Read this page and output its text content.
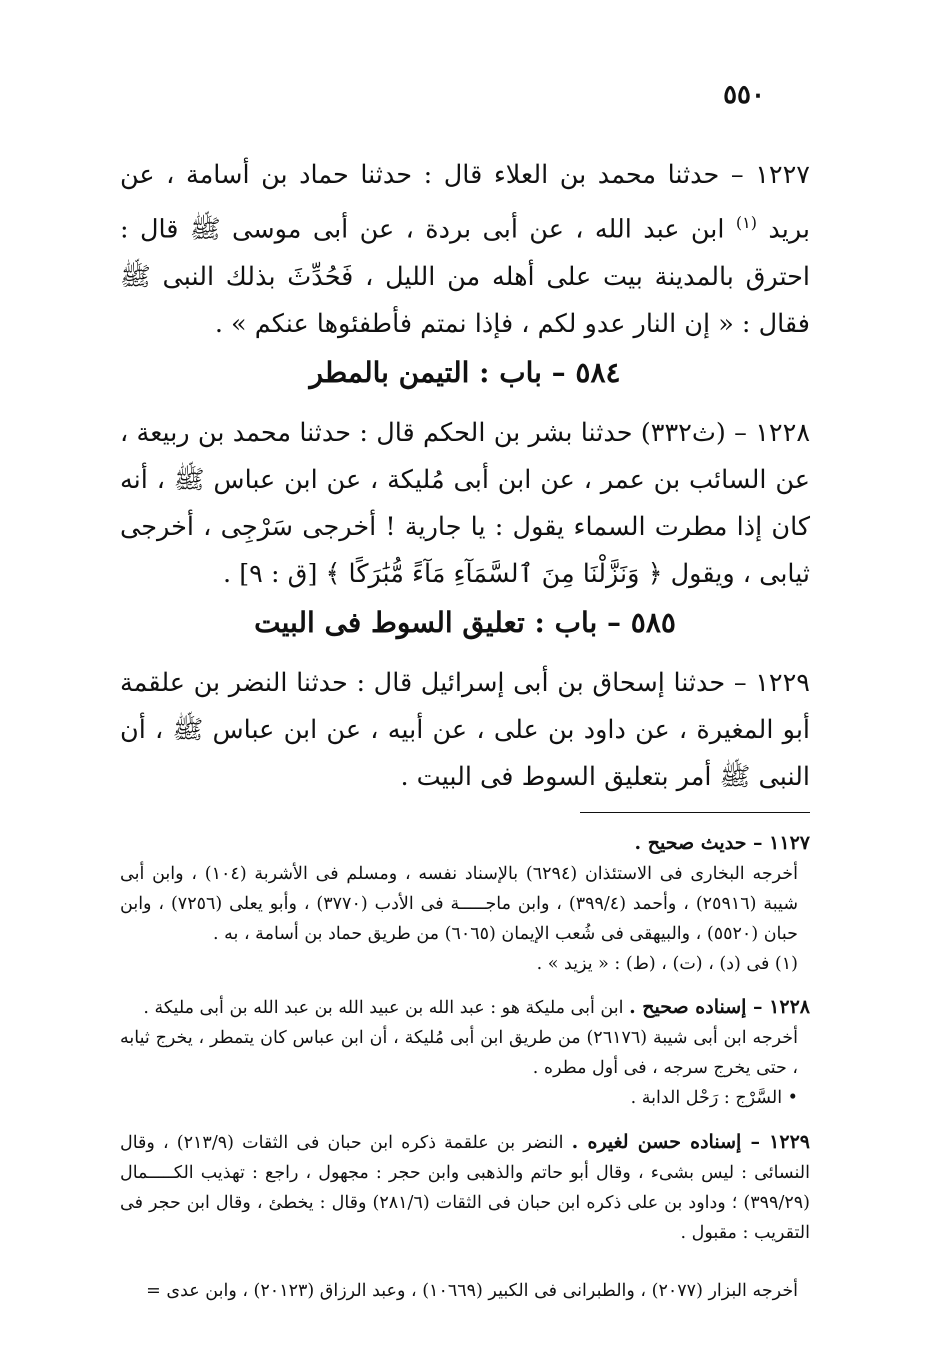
٥٥٠
١٢٢٧ – حدثنا محمد بن العلاء قال : حدثنا حماد بن أسامة ، عن بريد $^{(١)}$ ابن عبد الله ، عن أبى بردة ، عن أبى موسى ﷺ قال : احترق بالمدينة بيت على أهله من الليل ، فَحُدِّثَ بذلك النبى ﷺ فقال : « إن النار عدو لكم ، فإذا نمتم فأطفئوها عنكم » .
٥٨٤ – باب : التيمن بالمطر
١٢٢٨ – (ث٣٣٢) حدثنا بشر بن الحكم قال : حدثنا محمد بن ربيعة ، عن السائب بن عمر ، عن ابن أبى مُليكة ، عن ابن عباس ﷺ ، أنه كان إذا مطرت السماء يقول : يا جارية ! أخرجى سَرْجِى ، أخرجى ثيابى ، ويقول ﴿ وَنَزَّلْنَا مِنَ ٱلسَّمَآءِ مَآءً مُّبَٰرَكًا ﴾ [ق : ٩] .
٥٨٥ – باب : تعليق السوط فى البيت
١٢٢٩ – حدثنا إسحاق بن أبى إسرائيل قال : حدثنا النضر بن علقمة أبو المغيرة ، عن داود بن على ، عن أبيه ، عن ابن عباس ﷺ ، أن النبى ﷺ أمر بتعليق السوط فى البيت .
١١٢٧ – حديث صحيح .
أخرجه البخارى فى الاستئذان (٦٢٩٤) بالإسناد نفسه ، ومسلم فى الأشربة (١٠٤) ، وابن أبى شيبة (٢٥٩١٦) ، وأحمد (٣٩٩/٤) ، وابن ماجـــــة فى الأدب (٣٧٧٠) ، وأبو يعلى (٧٢٥٦) ، وابن حبان (٥٥٢٠) ، والبيهقى فى شُعب الإيمان (٦٠٦٥) من طريق حماد بن أسامة ، به .
(١) فى (د) ، (ت) ، (ط) : « يزيد » .
١٢٢٨ – إسناده صحيح . ابن أبى مليكة هو : عبد الله بن عبيد الله بن عبد الله بن أبى مليكة .
أخرجه ابن أبى شيبة (٢٦١٧٦) من طريق ابن أبى مُليكة ، أن ابن عباس كان يتمطر ، يخرج ثيابه ، حتى يخرج سرجه ، فى أول مطره .
• السَّرْج : رَحْل الدابة .
١٢٢٩ – إسناده حسن لغيره . النضر بن علقمة ذكره ابن حبان فى الثقات (٢١٣/٩) ، وقال النسائى : ليس بشىء ، وقال أبو حاتم والذهبى وابن حجر : مجهول ، راجع : تهذيب الكـــــمال (٣٩٩/٢٩) ؛ وداود بن على ذكره ابن حبان فى الثقات (٢٨١/٦) وقال : يخطئ ، وقال ابن حجر فى التقريب : مقبول .
أخرجه البزار (٢٠٧٧) ، والطبرانى فى الكبير (١٠٦٦٩) ، وعبد الرزاق (٢٠١٢٣) ، وابن عدى =
